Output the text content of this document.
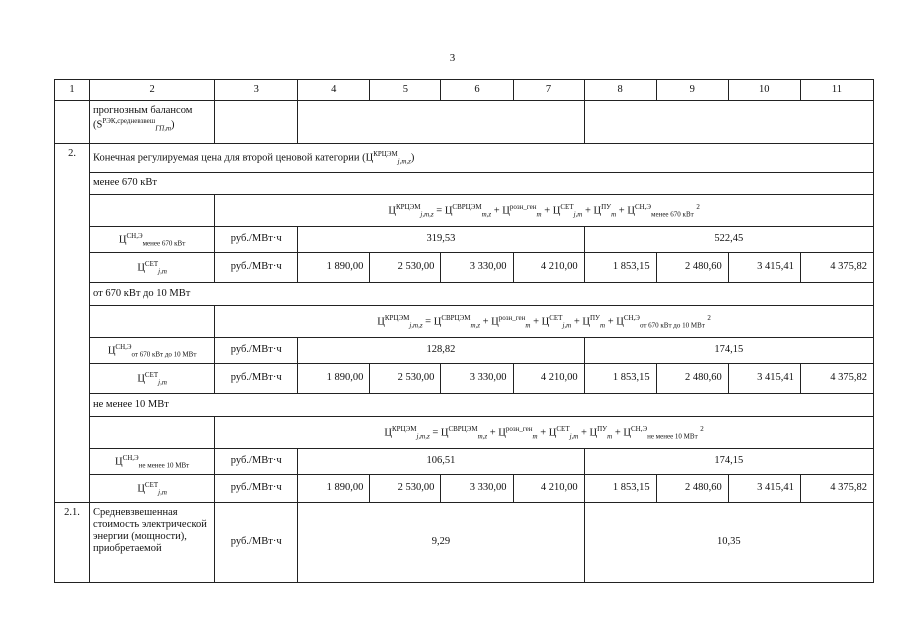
3
1	2	3	4	5	6	7	8	9	10	11
	прогнозным балансом
$(S^{РЭК,средневзвеш}_{ГП,m})$									
2.	Конечная регулируемая цена для второй ценовой категории $(Ц^{КРЦЭМ}_{j,m,z})$									
	менее 670 кВт									
		$Ц^{КРЦЭМ}_{j,m,z} = Ц^{СВРЦЭМ}_{m,z} + Ц^{розн\_ген}_m + Ц^{СЕТ}_{j,m} + Ц^{ПУ}_m + Ц^{СН,Э}_{менее 670 кВт}$ $^2$
	$Ц^{СН,Э}_{менее 670 кВт}$	руб./МВт·ч	319,53				522,45			
	$Ц^{СЕТ}_{j,m}$	руб./МВт·ч	1 890,00	2 530,00	3 330,00	4 210,00	1 853,15	2 480,60	3 415,41	4 375,82
	от 670 кВт до 10 МВт									
		$Ц^{КРЦЭМ}_{j,m,z} = Ц^{СВРЦЭМ}_{m,z} + Ц^{розн\_ген}_m + Ц^{СЕТ}_{j,m} + Ц^{ПУ}_m + Ц^{СН,Э}_{от 670 кВт до 10 МВт}$ $^2$
	$Ц^{СН,Э}_{от 670 кВт до 10 МВт}$	руб./МВт·ч	128,82				174,15			
	$Ц^{СЕТ}_{j,m}$	руб./МВт·ч	1 890,00	2 530,00	3 330,00	4 210,00	1 853,15	2 480,60	3 415,41	4 375,82
	не менее 10 МВт									
		$Ц^{КРЦЭМ}_{j,m,z} = Ц^{СВРЦЭМ}_{m,z} + Ц^{розн\_ген}_m + Ц^{СЕТ}_{j,m} + Ц^{ПУ}_m + Ц^{СН,Э}_{не менее 10 МВт}$ $^2$
	$Ц^{СН,Э}_{не менее 10 МВт}$	руб./МВт·ч	106,51				174,15			
	$Ц^{СЕТ}_{j,m}$	руб./МВт·ч	1 890,00	2 530,00	3 330,00	4 210,00	1 853,15	2 480,60	3 415,41	4 375,82
2.1.	Средневзвешенная стоимость электрической энергии (мощности), приобретаемой	руб./МВт·ч	9,29				10,35			
